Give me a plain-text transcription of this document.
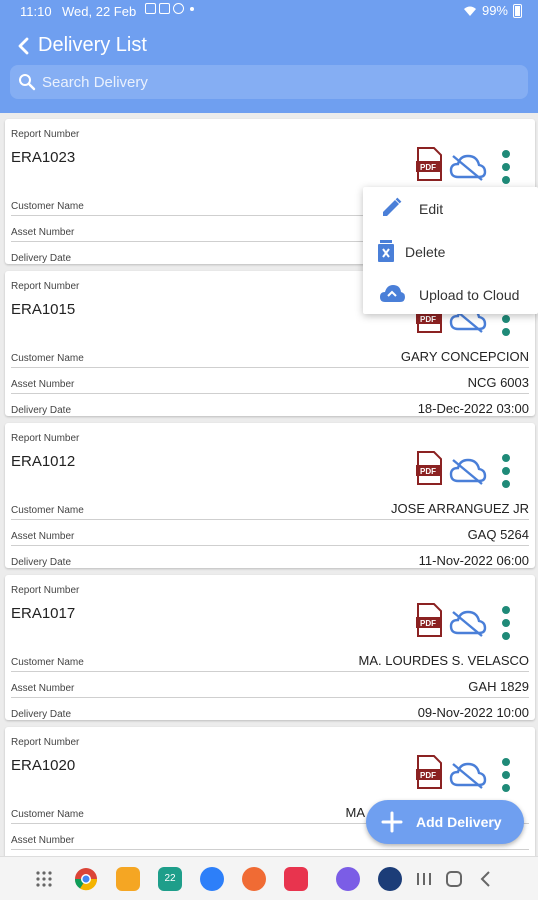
11:10 Wed, 22 Feb	99%
Delivery List
Search Delivery
Report Number
ERA1023
PDF
Customer Name
Asset Number
Delivery Date
Report Number
ERA1015
PDF
Customer Name	GARY CONCEPCION
Asset Number	NCG 6003
Delivery Date	18-Dec-2022 03:00
Report Number
ERA1012
PDF
Customer Name	JOSE ARRANGUEZ JR
Asset Number	GAQ 5264
Delivery Date	11-Nov-2022 06:00
Report Number
ERA1017
PDF
Customer Name	MA. LOURDES S. VELASCO
Asset Number	GAH 1829
Delivery Date	09-Nov-2022 10:00
Report Number
ERA1020
PDF
Customer Name	MA
Asset Number
Edit
Delete
Upload to Cloud
Add Delivery
22
